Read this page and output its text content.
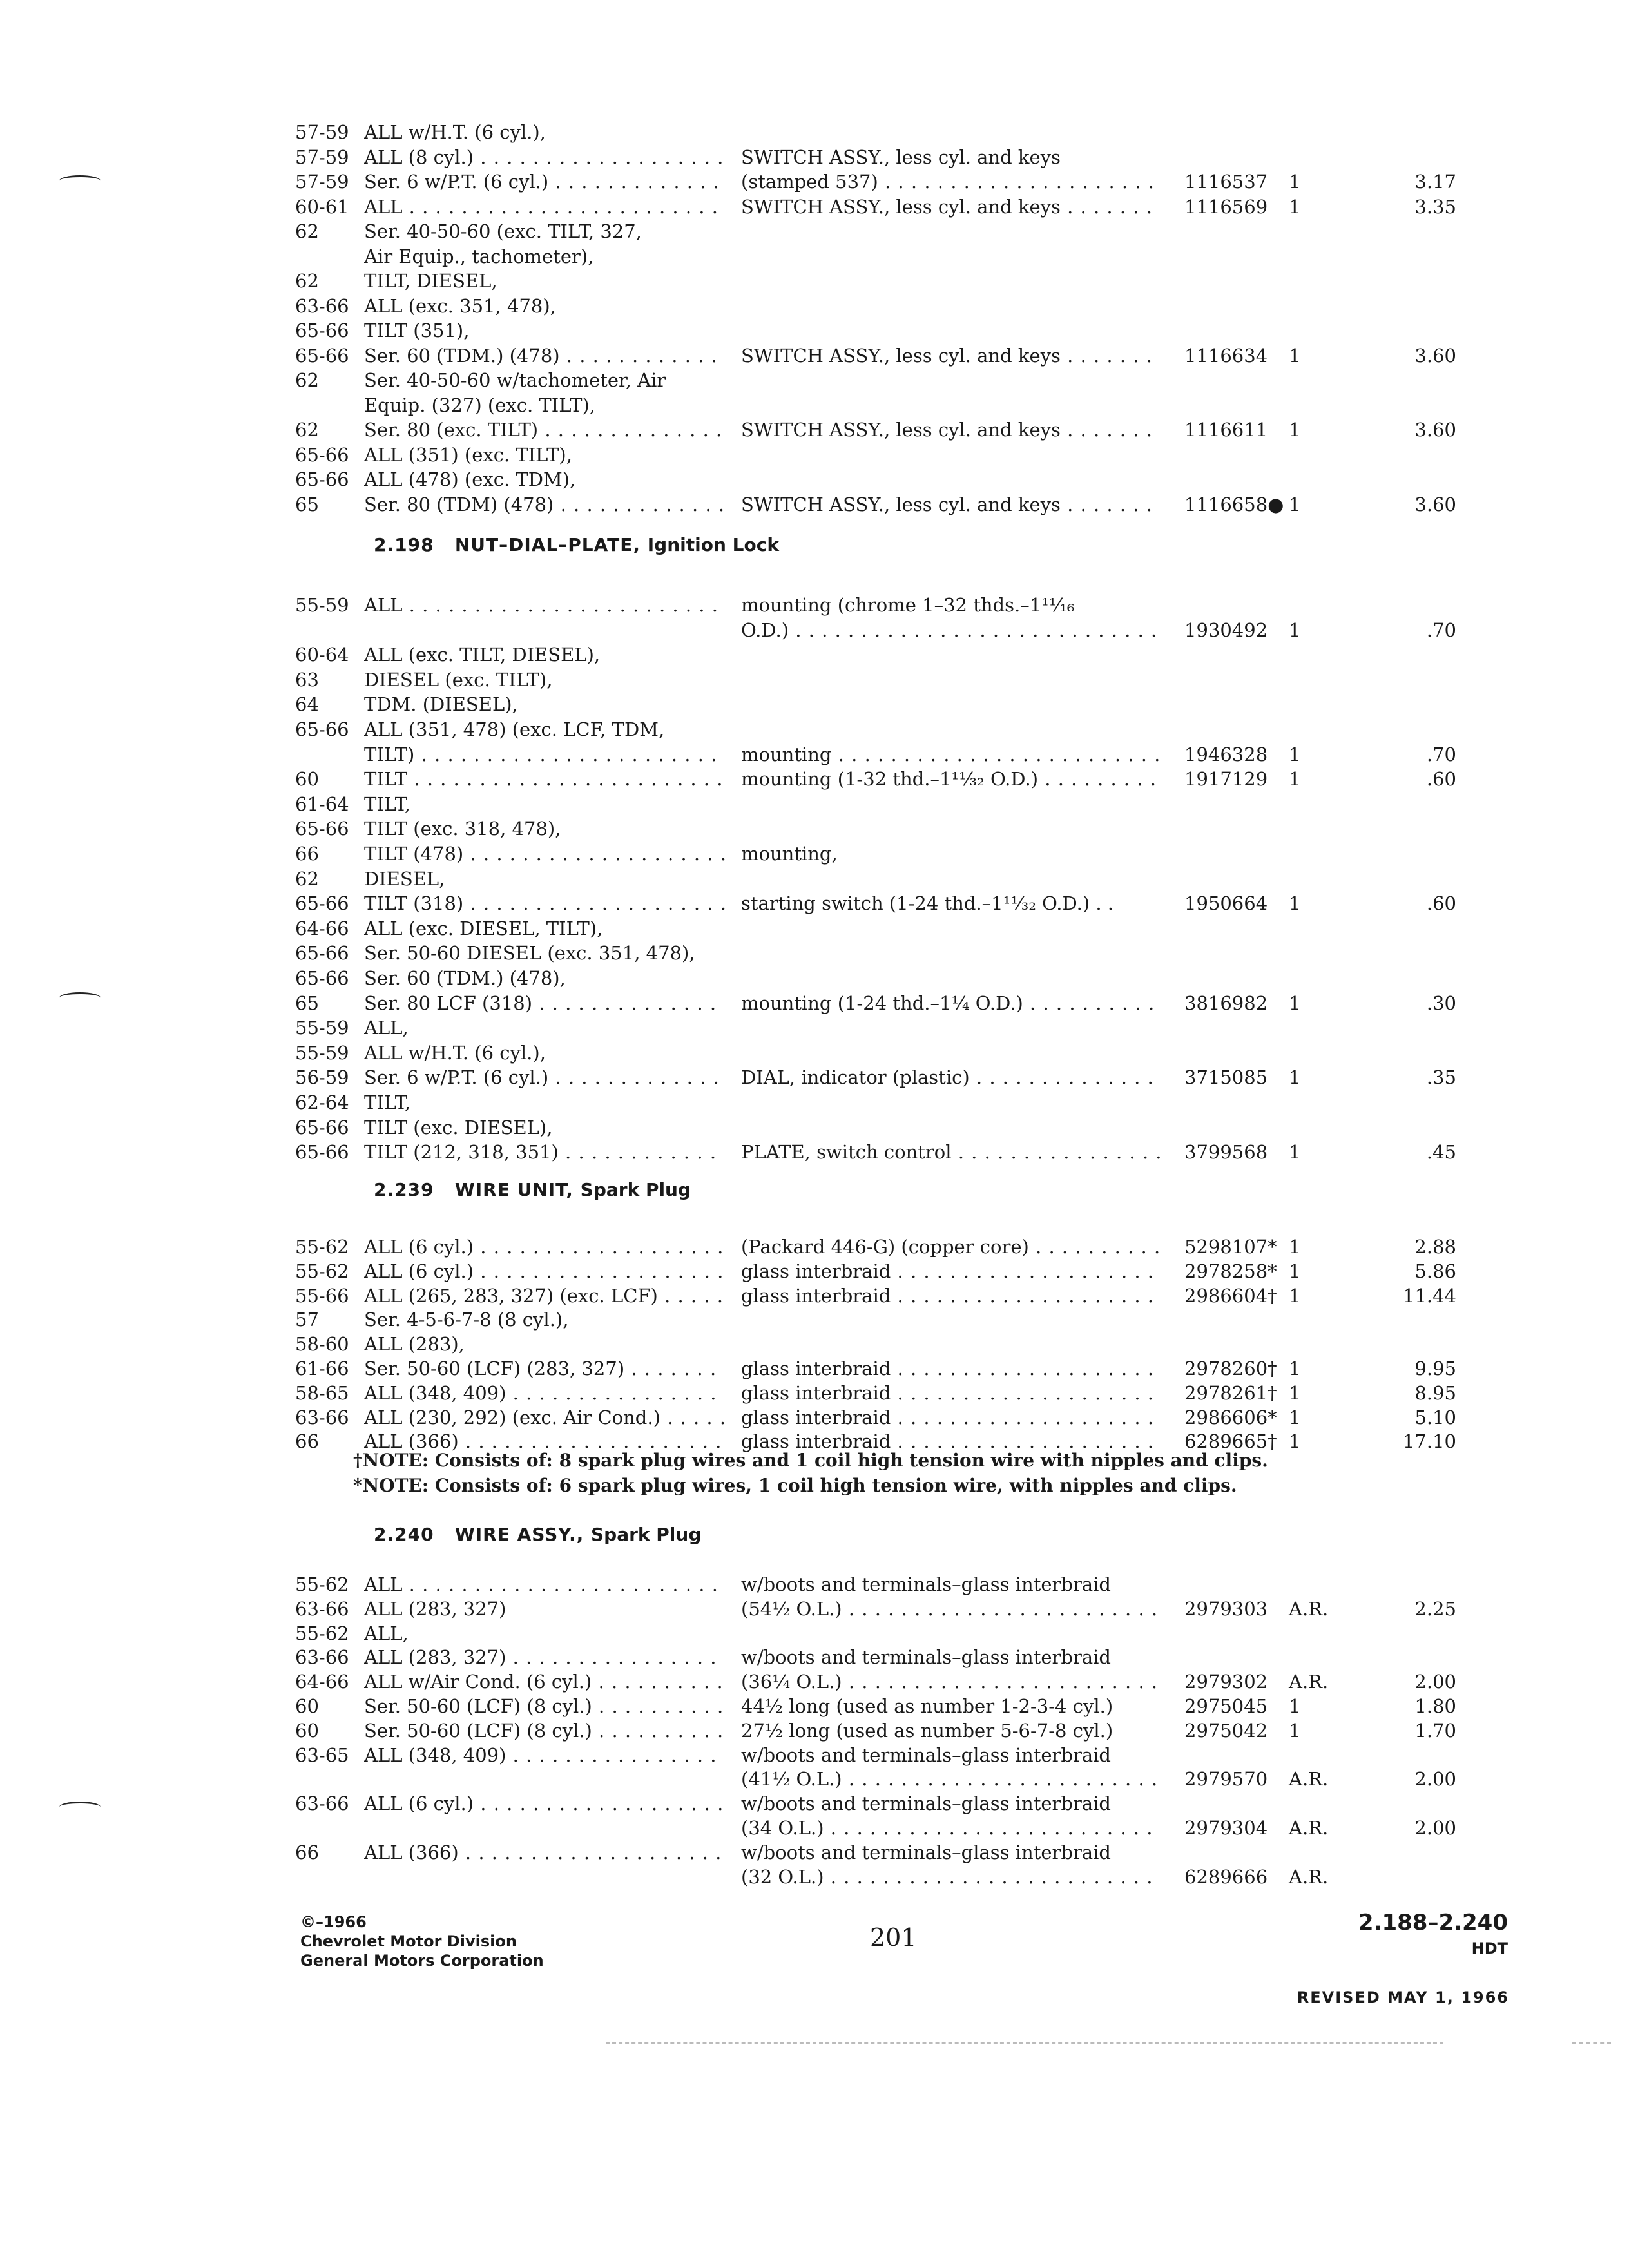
57-59 ALL w/H.T. (6 cyl.),
57-59 ALL (8 cyl.) . . .	SWITCH ASSY., less cyl. and keys
57-59 Ser. 6 w/P.T. (6 cyl.) . . .	(stamped 537) . . .	1116537 1	3.17
60-61 ALL . . .	SWITCH ASSY., less cyl. and keys . . .	1116569 1	3.35
62 Ser. 40-50-60 (exc. TILT, 327,
Air Equip., tachometer),
62 TILT, DIESEL,
63-66 ALL (exc. 351, 478),
65-66 TILT (351),
65-66 Ser. 60 (TDM.) (478) . . .	SWITCH ASSY., less cyl. and keys . . .	1116634 1	3.60
62 Ser. 40-50-60 w/tachometer, Air
Equip. (327) (exc. TILT),
62 Ser. 80 (exc. TILT) . . .	SWITCH ASSY., less cyl. and keys . . .	1116611 1	3.60
65-66 ALL (351) (exc. TILT),
65-66 ALL (478) (exc. TDM),
65 Ser. 80 (TDM) (478) . . .	SWITCH ASSY., less cyl. and keys . . .	1116658● 1	3.60
2.198 NUT–DIAL–PLATE, Ignition Lock
55-59 ALL . . .	mounting (chrome 1–32 thds.–1¹¹⁄₁₆
O.D.) . . .	1930492 1	.70
60-64 ALL (exc. TILT, DIESEL),
63 DIESEL (exc. TILT),
64 TDM. (DIESEL),
65-66 ALL (351, 478) (exc. LCF, TDM,
TILT) . . .	mounting . . .	1946328 1	.70
60 TILT . . .	mounting (1-32 thd.–1¹¹⁄₃₂ O.D.) . . .	1917129 1	.60
61-64 TILT,
65-66 TILT (exc. 318, 478),
66 TILT (478) . . .	mounting,
62 DIESEL,
65-66 TILT (318) . . .	starting switch (1-24 thd.–1¹¹⁄₃₂ O.D.) . .	1950664 1	.60
64-66 ALL (exc. DIESEL, TILT),
65-66 Ser. 50-60 DIESEL (exc. 351, 478),
65-66 Ser. 60 (TDM.) (478),
65 Ser. 80 LCF (318) . . .	mounting (1-24 thd.–1¼ O.D.) . . .	3816982 1	.30
55-59 ALL,
55-59 ALL w/H.T. (6 cyl.),
56-59 Ser. 6 w/P.T. (6 cyl.) . . .	DIAL, indicator (plastic) . . .	3715085 1	.35
62-64 TILT,
65-66 TILT (exc. DIESEL),
65-66 TILT (212, 318, 351) . . .	PLATE, switch control . . .	3799568 1	.45
2.239 WIRE UNIT, Spark Plug
55-62 ALL (6 cyl.) . . .	(Packard 446-G) (copper core) . . .	5298107* 1	2.88
55-62 ALL (6 cyl.) . . .	glass interbraid . . .	2978258* 1	5.86
55-66 ALL (265, 283, 327) (exc. LCF) . . .	glass interbraid . . .	2986604† 1	11.44
57 Ser. 4-5-6-7-8 (8 cyl.),
58-60 ALL (283),
61-66 Ser. 50-60 (LCF) (283, 327) . . .	glass interbraid . . .	2978260† 1	9.95
58-65 ALL (348, 409) . . .	glass interbraid . . .	2978261† 1	8.95
63-66 ALL (230, 292) (exc. Air Cond.) . . .	glass interbraid . . .	2986606* 1	5.10
66 ALL (366) . . .	glass interbraid . . .	6289665† 1	17.10
†NOTE: Consists of: 8 spark plug wires and 1 coil high tension wire with nipples and clips.
*NOTE: Consists of: 6 spark plug wires, 1 coil high tension wire, with nipples and clips.
2.240 WIRE ASSY., Spark Plug
55-62 ALL . . .	w/boots and terminals–glass interbraid
63-66 ALL (283, 327)	(54½ O.L.) . . .	2979303 A.R.	2.25
55-62 ALL,
63-66 ALL (283, 327) . . .	w/boots and terminals–glass interbraid
64-66 ALL w/Air Cond. (6 cyl.) . . .	(36¼ O.L.) . . .	2979302 A.R.	2.00
60 Ser. 50-60 (LCF) (8 cyl.) . . .	44½ long (used as number 1-2-3-4 cyl.)	2975045 1	1.80
60 Ser. 50-60 (LCF) (8 cyl.) . . .	27½ long (used as number 5-6-7-8 cyl.)	2975042 1	1.70
63-65 ALL (348, 409) . . .	w/boots and terminals–glass interbraid
(41½ O.L.) . . .	2979570 A.R.	2.00
63-66 ALL (6 cyl.) . . .	w/boots and terminals–glass interbraid
(34 O.L.) . . .	2979304 A.R.	2.00
66 ALL (366) . . .	w/boots and terminals–glass interbraid
(32 O.L.) . . .	6289666 A.R.
©–1966
Chevrolet Motor Division
General Motors Corporation
201
2.188–2.240
HDT
REVISED MAY 1, 1966
